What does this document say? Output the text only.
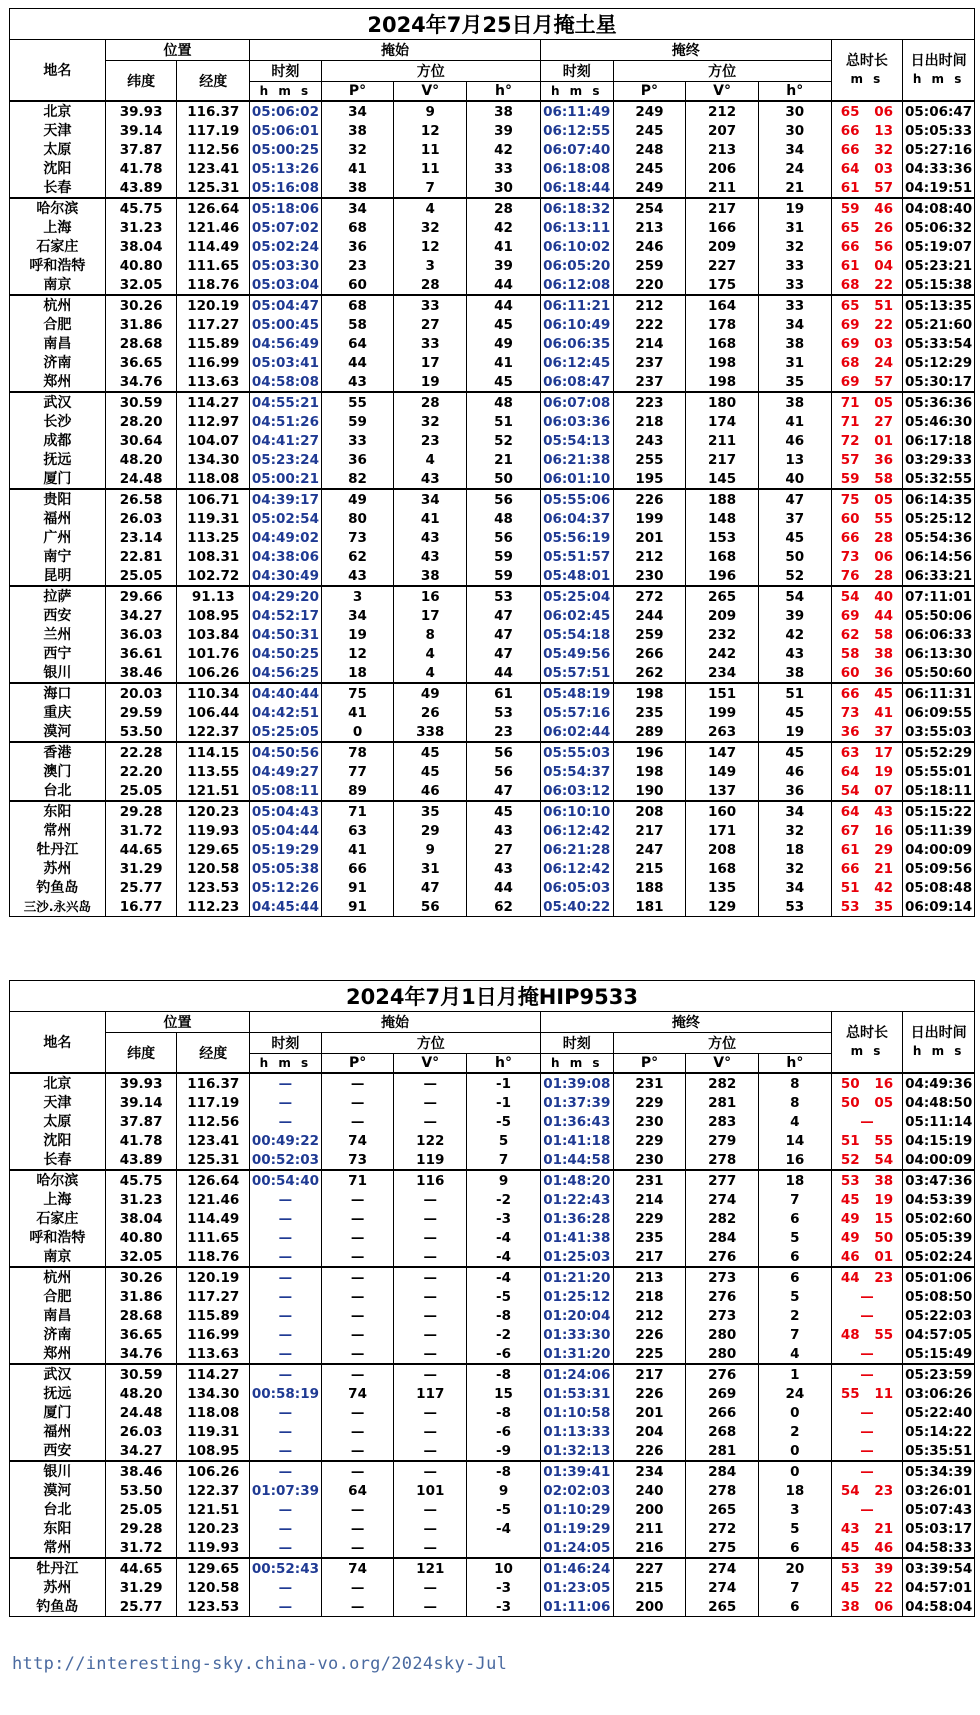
2024年7月25日月掩土星												
地名	位置		掩始				掩终				总时长
m s	日出时间
h m s

	纬度	经度	时刻	方位			时刻	方位				
			h m s	P°	V°	h°	h m s	P°	V°	h°		
北京	39.93	116.37	05:06:02	34	9	38	06:11:49	249	212	30	65 06	05:06:47
天津	39.14	117.19	05:06:01	38	12	39	06:12:55	245	207	30	66 13	05:05:33
太原	37.87	112.56	05:00:25	32	11	42	06:07:40	248	213	34	66 32	05:27:16
沈阳	41.78	123.41	05:13:26	41	11	33	06:18:08	245	206	24	64 03	04:33:36
长春	43.89	125.31	05:16:08	38	7	30	06:18:44	249	211	21	61 57	04:19:51
哈尔滨	45.75	126.64	05:18:06	34	4	28	06:18:32	254	217	19	59 46	04:08:40
上海	31.23	121.46	05:07:02	68	32	42	06:13:11	213	166	31	65 26	05:06:32
石家庄	38.04	114.49	05:02:24	36	12	41	06:10:02	246	209	32	66 56	05:19:07
呼和浩特	40.80	111.65	05:03:30	23	3	39	06:05:20	259	227	33	61 04	05:23:21
南京	32.05	118.76	05:03:04	60	28	44	06:12:08	220	175	33	68 22	05:15:38
杭州	30.26	120.19	05:04:47	68	33	44	06:11:21	212	164	33	65 51	05:13:35
合肥	31.86	117.27	05:00:45	58	27	45	06:10:49	222	178	34	69 22	05:21:60
南昌	28.68	115.89	04:56:49	64	33	49	06:06:35	214	168	38	69 03	05:33:54
济南	36.65	116.99	05:03:41	44	17	41	06:12:45	237	198	31	68 24	05:12:29
郑州	34.76	113.63	04:58:08	43	19	45	06:08:47	237	198	35	69 57	05:30:17
武汉	30.59	114.27	04:55:21	55	28	48	06:07:08	223	180	38	71 05	05:36:36
长沙	28.20	112.97	04:51:26	59	32	51	06:03:36	218	174	41	71 27	05:46:30
成都	30.64	104.07	04:41:27	33	23	52	05:54:13	243	211	46	72 01	06:17:18
抚远	48.20	134.30	05:23:24	36	4	21	06:21:38	255	217	13	57 36	03:29:33
厦门	24.48	118.08	05:00:21	82	43	50	06:01:10	195	145	40	59 58	05:32:55
贵阳	26.58	106.71	04:39:17	49	34	56	05:55:06	226	188	47	75 05	06:14:35
福州	26.03	119.31	05:02:54	80	41	48	06:04:37	199	148	37	60 55	05:25:12
广州	23.14	113.25	04:49:02	73	43	56	05:56:19	201	153	45	66 28	05:54:36
南宁	22.81	108.31	04:38:06	62	43	59	05:51:57	212	168	50	73 06	06:14:56
昆明	25.05	102.72	04:30:49	43	38	59	05:48:01	230	196	52	76 28	06:33:21
拉萨	29.66	91.13	04:29:20	3	16	53	05:25:04	272	265	54	54 40	07:11:01
西安	34.27	108.95	04:52:17	34	17	47	06:02:45	244	209	39	69 44	05:50:06
兰州	36.03	103.84	04:50:31	19	8	47	05:54:18	259	232	42	62 58	06:06:33
西宁	36.61	101.76	04:50:25	12	4	47	05:49:56	266	242	43	58 38	06:13:30
银川	38.46	106.26	04:56:25	18	4	44	05:57:51	262	234	38	60 36	05:50:60
海口	20.03	110.34	04:40:44	75	49	61	05:48:19	198	151	51	66 45	06:11:31
重庆	29.59	106.44	04:42:51	41	26	53	05:57:16	235	199	45	73 41	06:09:55
漠河	53.50	122.37	05:25:05	0	338	23	06:02:44	289	263	19	36 37	03:55:03
香港	22.28	114.15	04:50:56	78	45	56	05:55:03	196	147	45	63 17	05:52:29
澳门	22.20	113.55	04:49:27	77	45	56	05:54:37	198	149	46	64 19	05:55:01
台北	25.05	121.51	05:08:11	89	46	47	06:03:12	190	137	36	54 07	05:18:11
东阳	29.28	120.23	05:04:43	71	35	45	06:10:10	208	160	34	64 43	05:15:22
常州	31.72	119.93	05:04:44	63	29	43	06:12:42	217	171	32	67 16	05:11:39
牡丹江	44.65	129.65	05:19:29	41	9	27	06:21:28	247	208	18	61 29	04:00:09
苏州	31.29	120.58	05:05:38	66	31	43	06:12:42	215	168	32	66 21	05:09:56
钓鱼岛	25.77	123.53	05:12:26	91	47	44	06:05:03	188	135	34	51 42	05:08:48
三沙.永兴岛	16.77	112.23	04:45:44	91	56	62	05:40:22	181	129	53	53 35	06:09:14
2024年7月1日月掩HIP9533												
地名	位置		掩始				掩终				总时长
m s	日出时间
h m s

	纬度	经度	时刻	方位			时刻	方位				
			h m s	P°	V°	h°	h m s	P°	V°	h°		
北京	39.93	116.37	—	—	—	-1	01:39:08	231	282	8	50 16	04:49:36
天津	39.14	117.19	—	—	—	-1	01:37:39	229	281	8	50 05	04:48:50
太原	37.87	112.56	—	—	—	-5	01:36:43	230	283	4	—	05:11:14
沈阳	41.78	123.41	00:49:22	74	122	5	01:41:18	229	279	14	51 55	04:15:19
长春	43.89	125.31	00:52:03	73	119	7	01:44:58	230	278	16	52 54	04:00:09
哈尔滨	45.75	126.64	00:54:40	71	116	9	01:48:20	231	277	18	53 38	03:47:36
上海	31.23	121.46	—	—	—	-2	01:22:43	214	274	7	45 19	04:53:39
石家庄	38.04	114.49	—	—	—	-3	01:36:28	229	282	6	49 15	05:02:60
呼和浩特	40.80	111.65	—	—	—	-4	01:41:38	235	284	5	49 50	05:05:39
南京	32.05	118.76	—	—	—	-4	01:25:03	217	276	6	46 01	05:02:24
杭州	30.26	120.19	—	—	—	-4	01:21:20	213	273	6	44 23	05:01:06
合肥	31.86	117.27	—	—	—	-5	01:25:12	218	276	5	—	05:08:50
南昌	28.68	115.89	—	—	—	-8	01:20:04	212	273	2	—	05:22:03
济南	36.65	116.99	—	—	—	-2	01:33:30	226	280	7	48 55	04:57:05
郑州	34.76	113.63	—	—	—	-6	01:31:20	225	280	4	—	05:15:49
武汉	30.59	114.27	—	—	—	-8	01:24:06	217	276	1	—	05:23:59
抚远	48.20	134.30	00:58:19	74	117	15	01:53:31	226	269	24	55 11	03:06:26
厦门	24.48	118.08	—	—	—	-8	01:10:58	201	266	0	—	05:22:40
福州	26.03	119.31	—	—	—	-6	01:13:33	204	268	2	—	05:14:22
西安	34.27	108.95	—	—	—	-9	01:32:13	226	281	0	—	05:35:51
银川	38.46	106.26	—	—	—	-8	01:39:41	234	284	0	—	05:34:39
漠河	53.50	122.37	01:07:39	64	101	9	02:02:03	240	278	18	54 23	03:26:01
台北	25.05	121.51	—	—	—	-5	01:10:29	200	265	3	—	05:07:43
东阳	29.28	120.23	—	—	—	-4	01:19:29	211	272	5	43 21	05:03:17
常州	31.72	119.93	—	—	—		01:24:05	216	275	6	45 46	04:58:33
牡丹江	44.65	129.65	00:52:43	74	121	10	01:46:24	227	274	20	53 39	03:39:54
苏州	31.29	120.58	—	—	—	-3	01:23:05	215	274	7	45 22	04:57:01
钓鱼岛	25.77	123.53	—	—	—	-3	01:11:06	200	265	6	38 06	04:58:04
http://interesting-sky.china-vo.org/2024sky-Jul
